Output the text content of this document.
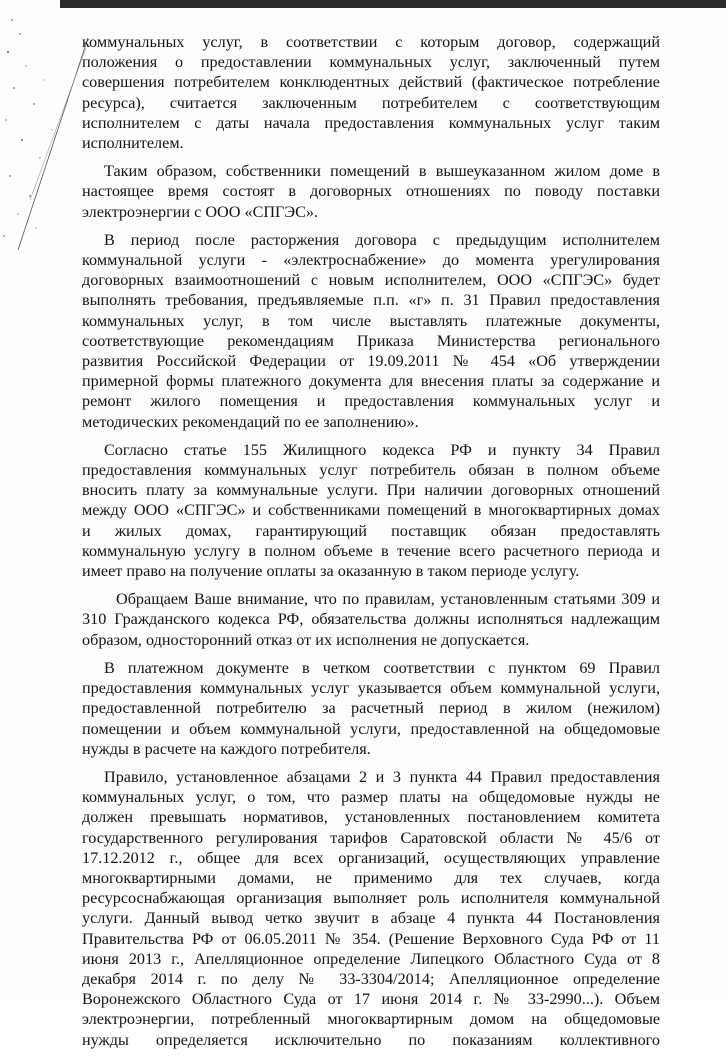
коммунальных услуг, в соответствии с которым договор, содержащий
положения о предоставлении коммунальных услуг, заключенный путем
совершения потребителем конклюдентных действий (фактическое потребление
ресурса), считается заключенным потребителем с соответствующим
исполнителем с даты начала предоставления коммунальных услуг таким
исполнителем.

Таким образом, собственники помещений в вышеуказанном жилом доме в
настоящее время состоят в договорных отношениях по поводу поставки
электроэнергии с ООО «СПГЭС».

В период после расторжения договора с предыдущим исполнителем
коммунальной услуги - «электроснабжение» до момента урегулирования
договорных взаимоотношений с новым исполнителем, ООО «СПГЭС» будет
выполнять требования, предъявляемые п.п. «г» п. 31 Правил предоставления
коммунальных услуг, в том числе выставлять платежные документы,
соответствующие рекомендациям Приказа Министерства регионального
развития Российской Федерации от 19.09.2011 № 454 «Об утверждении
примерной формы платежного документа для внесения платы за содержание и
ремонт жилого помещения и предоставления коммунальных услуг и
методических рекомендаций по ее заполнению».

Согласно статье 155 Жилищного кодекса РФ и пункту 34 Правил
предоставления коммунальных услуг потребитель обязан в полном объеме
вносить плату за коммунальные услуги. При наличии договорных отношений
между ООО «СПГЭС» и собственниками помещений в многоквартирных домах
и жилых домах, гарантирующий поставщик обязан предоставлять
коммунальную услугу в полном объеме в течение всего расчетного периода и
имеет право на получение оплаты за оказанную в таком периоде услугу.

Обращаем Ваше внимание, что по правилам, установленным статьями 309 и
310 Гражданского кодекса РФ, обязательства должны исполняться надлежащим
образом, односторонний отказ от их исполнения не допускается.

В платежном документе в четком соответствии с пунктом 69 Правил
предоставления коммунальных услуг указывается объем коммунальной услуги,
предоставленной потребителю за расчетный период в жилом (нежилом)
помещении и объем коммунальной услуги, предоставленной на общедомовые
нужды в расчете на каждого потребителя.

Правило, установленное абзацами 2 и 3 пункта 44 Правил предоставления
коммунальных услуг, о том, что размер платы на общедомовые нужды не
должен превышать нормативов, установленных постановлением комитета
государственного регулирования тарифов Саратовской области № 45/6 от
17.12.2012 г., общее для всех организаций, осуществляющих управление
многоквартирными домами, не применимо для тех случаев, когда
ресурсоснабжающая организация выполняет роль исполнителя коммунальной
услуги. Данный вывод четко звучит в абзаце 4 пункта 44 Постановления
Правительства РФ от 06.05.2011 № 354. (Решение Верховного Суда РФ от 11
июня 2013 г., Апелляционное определение Липецкого Областного Суда от 8
декабря 2014 г. по делу № 33-3304/2014; Апелляционное определение
Воронежского Областного Суда от 17 июня 2014 г. № 33-2990...). Объем
электроэнергии, потребленный многоквартирным домом на общедомовые
нужды определяется исключительно по показаниям коллективного
